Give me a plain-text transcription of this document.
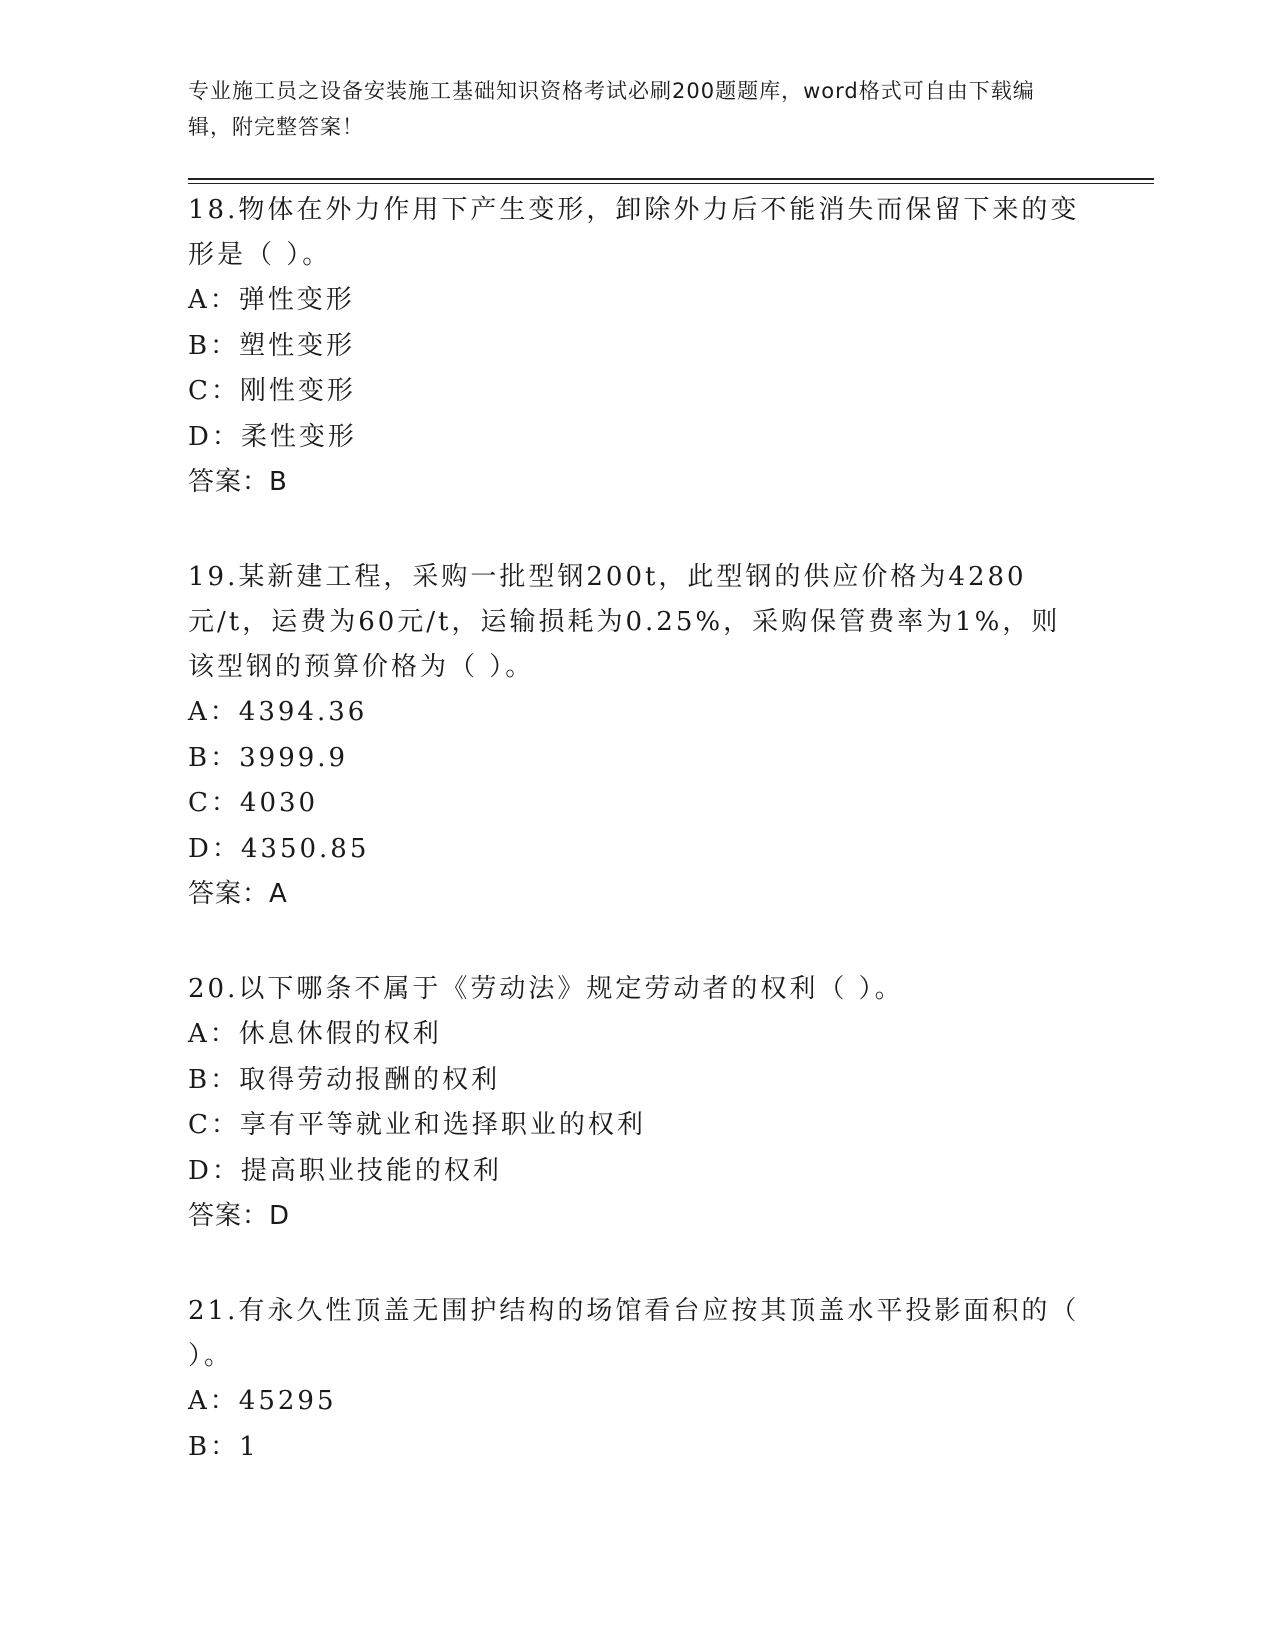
专业施工员之设备安装施工基础知识资格考试必刷200题题库，word格式可自由下载编辑，附完整答案！

18.物体在外力作用下产生变形，卸除外力后不能消失而保留下来的变形是（ ）。

A：弹性变形

B：塑性变形

C：刚性变形

D：柔性变形

答案：B

19.某新建工程，采购一批型钢200t，此型钢的供应价格为4280元/t，运费为60元/t，运输损耗为0.25%，采购保管费率为1%，则该型钢的预算价格为（ ）。

A：4394.36

B：3999.9

C：4030

D：4350.85

答案：A

20.以下哪条不属于《劳动法》规定劳动者的权利（ ）。

A：休息休假的权利

B：取得劳动报酬的权利

C：享有平等就业和选择职业的权利

D：提高职业技能的权利

答案：D

21.有永久性顶盖无围护结构的场馆看台应按其顶盖水平投影面积的（ ）。

A：45295

B：1
